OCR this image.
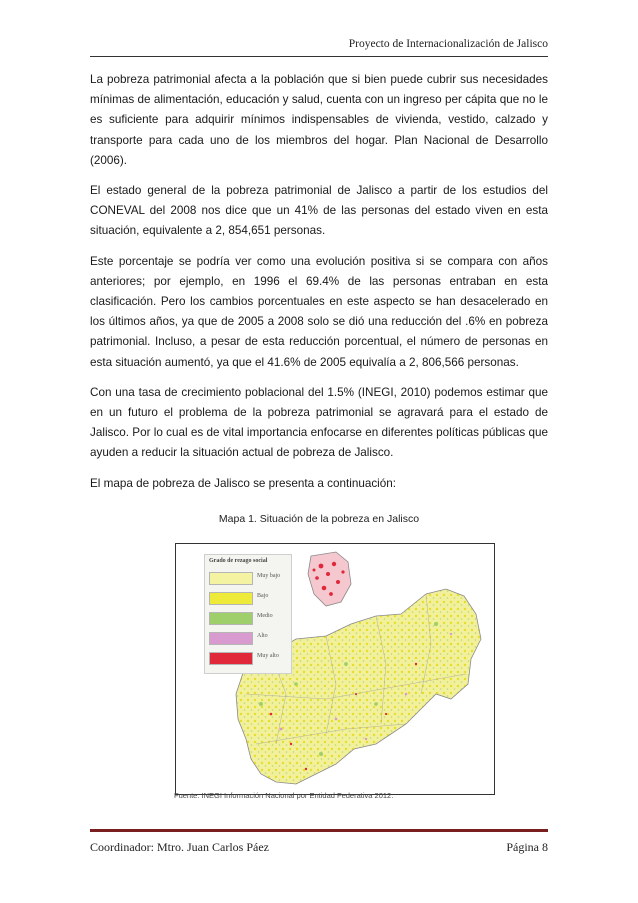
Proyecto de Internacionalización de Jalisco

La pobreza patrimonial afecta a la población que si bien puede cubrir sus necesidades mínimas de alimentación, educación y salud, cuenta con un ingreso per cápita que no le es suficiente para adquirir mínimos indispensables de vivienda, vestido, calzado y transporte para cada uno de los miembros del hogar. Plan Nacional de Desarrollo (2006).

El estado general de la pobreza patrimonial de Jalisco a partir de los estudios del CONEVAL del 2008 nos dice que un 41% de las personas del estado viven en esta situación, equivalente a 2, 854,651 personas.

Este porcentaje se podría ver como una evolución positiva si se compara con años anteriores; por ejemplo, en 1996 el 69.4% de las personas entraban en esta clasificación. Pero los cambios porcentuales en este aspecto se han desacelerado en los últimos años, ya que de 2005 a 2008 solo se dió una reducción del .6% en pobreza patrimonial. Incluso, a pesar de esta reducción porcentual, el número de personas en esta situación aumentó, ya que el 41.6% de 2005 equivalía a 2, 806,566 personas.

Con una tasa de crecimiento poblacional del 1.5% (INEGI, 2010) podemos estimar que en un futuro el problema de la pobreza patrimonial se agravará para el estado de Jalisco. Por lo cual es de vital importancia enfocarse en diferentes políticas públicas que ayuden a reducir la situación actual de pobreza de Jalisco.

El mapa de pobreza de Jalisco se presenta a continuación:

Mapa 1. Situación de la pobreza en Jalisco
Grado de rezago social
Muy bajo
Bajo
Medio
Alto
Muy alto
Fuente: INEGI Información Nacional por Entidad Federativa 2012.
Coordinador: Mtro. Juan Carlos Páez	Página 8
